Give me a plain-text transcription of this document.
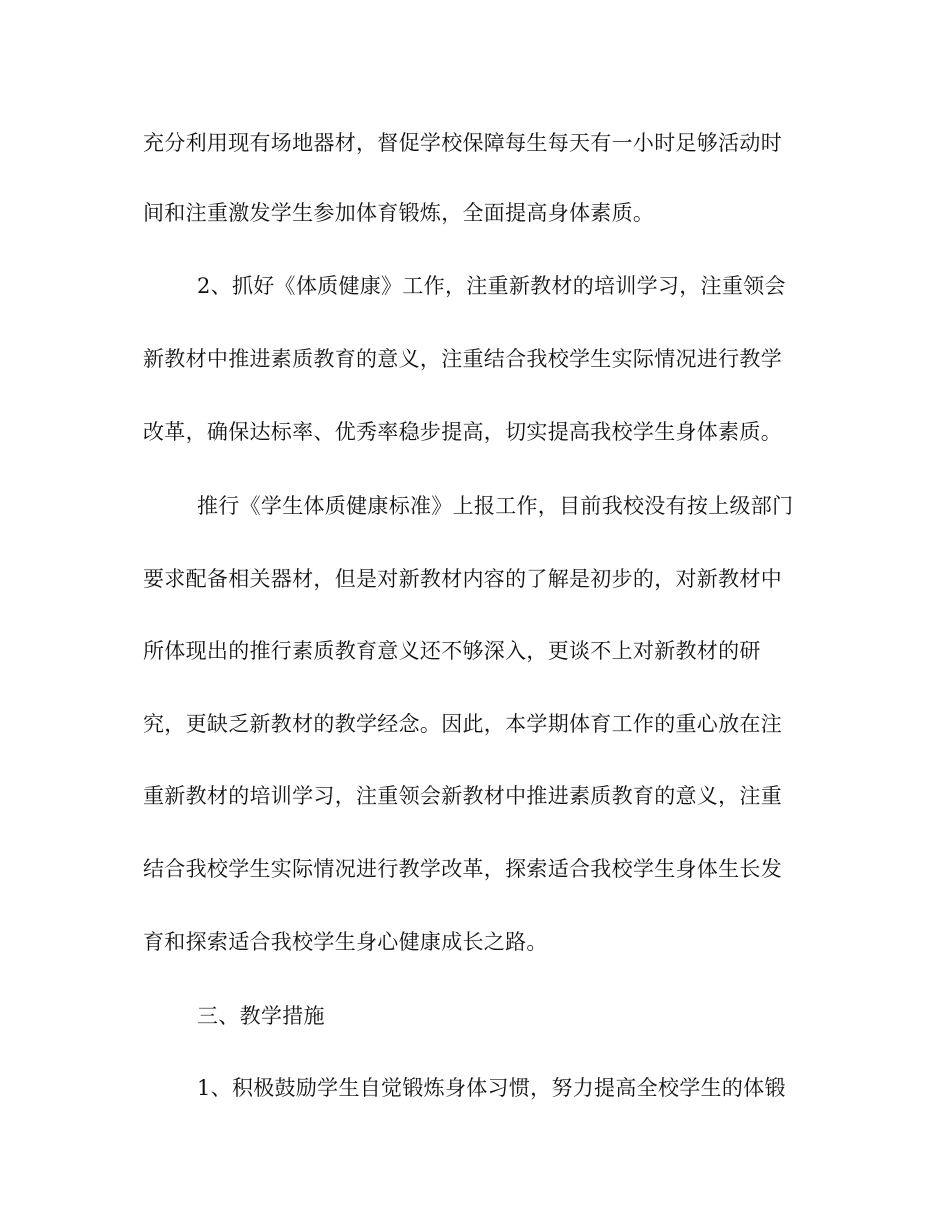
充分利用现有场地器材，督促学校保障每生每天有一小时足够活动时
间和注重激发学生参加体育锻炼，全面提高身体素质。
2、抓好《体质健康》工作，注重新教材的培训学习，注重领会
新教材中推进素质教育的意义，注重结合我校学生实际情况进行教学
改革，确保达标率、优秀率稳步提高，切实提高我校学生身体素质。
推行《学生体质健康标准》上报工作，目前我校没有按上级部门
要求配备相关器材，但是对新教材内容的了解是初步的，对新教材中
所体现出的推行素质教育意义还不够深入，更谈不上对新教材的研
究，更缺乏新教材的教学经念。因此，本学期体育工作的重心放在注
重新教材的培训学习，注重领会新教材中推进素质教育的意义，注重
结合我校学生实际情况进行教学改革，探索适合我校学生身体生长发
育和探索适合我校学生身心健康成长之路。
三、教学措施
1、积极鼓励学生自觉锻炼身体习惯，努力提高全校学生的体锻
